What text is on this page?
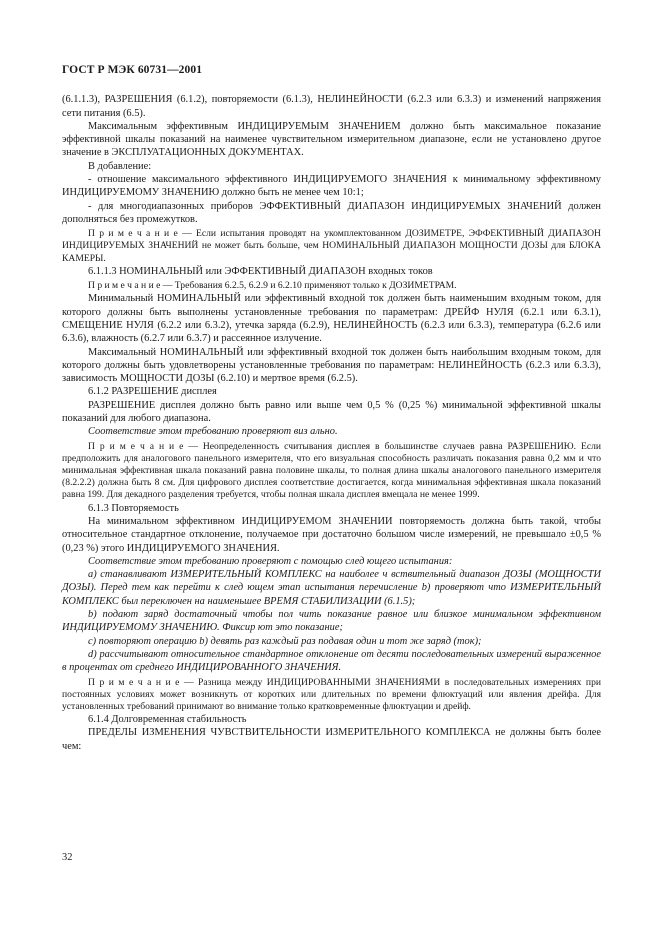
ГОСТ Р МЭК 60731—2001

(6.1.1.3), РАЗРЕШЕНИЯ (6.1.2), повторяемости (6.1.3), НЕЛИНЕЙНОСТИ (6.2.3 или 6.3.3) и изменений напряжения сети питания (6.5).

Максимальным эффективным ИНДИЦИРУЕМЫМ ЗНАЧЕНИЕМ должно быть максимальное показание эффективной шкалы показаний на наименее чувствительном измерительном диапазоне, если не установлено другое значение в ЭКСПЛУАТАЦИОННЫХ ДОКУМЕНТАХ.

В добавление:

- отношение максимального эффективного ИНДИЦИРУЕМОГО ЗНАЧЕНИЯ к минимальному эффективному ИНДИЦИРУЕМОМУ ЗНАЧЕНИЮ должно быть не менее чем 10:1;

- для многодиапазонных приборов ЭФФЕКТИВНЫЙ ДИАПАЗОН ИНДИЦИРУЕМЫХ ЗНАЧЕНИЙ должен дополняться без промежутков.

П р и м е ч а н и е — Если испытания проводят на укомплектованном ДОЗИМЕТРЕ, ЭФФЕКТИВНЫЙ ДИАПАЗОН ИНДИЦИРУЕМЫХ ЗНАЧЕНИЙ не может быть больше, чем НОМИНАЛЬНЫЙ ДИАПАЗОН МОЩНОСТИ ДОЗЫ для БЛОКА КАМЕРЫ.

6.1.1.3 НОМИНАЛЬНЫЙ или ЭФФЕКТИВНЫЙ ДИАПАЗОН входных токов

П р и м е ч а н и е — Требования 6.2.5, 6.2.9 и 6.2.10 применяют только к ДОЗИМЕТРАМ.

Минимальный НОМИНАЛЬНЫЙ или эффективный входной ток должен быть наименьшим входным током, для которого должны быть выполнены установленные требования по параметрам: ДРЕЙФ НУЛЯ (6.2.1 или 6.3.1), СМЕЩЕНИЕ НУЛЯ (6.2.2 или 6.3.2), утечка заряда (6.2.9), НЕЛИНЕЙНОСТЬ (6.2.3 или 6.3.3), температура (6.2.6 или 6.3.6), влажность (6.2.7 или 6.3.7) и рассеянное излучение.

Максимальный НОМИНАЛЬНЫЙ или эффективный входной ток должен быть наибольшим входным током, для которого должны быть удовлетворены установленные требования по параметрам: НЕЛИНЕЙНОСТЬ (6.2.3 или 6.3.3), зависимость МОЩНОСТИ ДОЗЫ (6.2.10) и мертвое время (6.2.5).

6.1.2 РАЗРЕШЕНИЕ дисплея

РАЗРЕШЕНИЕ дисплея должно быть равно или выше чем 0,5 % (0,25 %) минимальной эффективной шкалы показаний для любого диапазона.

Соответствие этом требованию проверяют виз ально.

П р и м е ч а н и е — Неопределенность считывания дисплея в большинстве случаев равна РАЗРЕШЕНИЮ. Если предположить для аналогового панельного измерителя, что его визуальная способность различать показания равна 0,2 мм и что минимальная эффективная шкала показаний равна половине шкалы, то полная длина шкалы аналогового панельного измерителя (8.2.2.2) должна быть 8 см. Для цифрового дисплея соответствие достигается, когда минимальная эффективная шкала показаний равна 199. Для декадного разделения требуется, чтобы полная шкала дисплея вмещала не менее 1999.

6.1.3 Повторяемость

На минимальном эффективном ИНДИЦИРУЕМОМ ЗНАЧЕНИИ повторяемость должна быть такой, чтобы относительное стандартное отклонение, получаемое при достаточно большом числе измерений, не превышало ±0,5 % (0,23 %) этого ИНДИЦИРУЕМОГО ЗНАЧЕНИЯ.

Соответствие этом требованию проверяют с помощью след ющего испытания:

а) станавливают ИЗМЕРИТЕЛЬНЫЙ КОМПЛЕКС на наиболее ч вствительный диапазон ДОЗЫ (МОЩНОСТИ ДОЗЫ). Перед тем как перейти к след ющем этап испытания перечисление b) проверяют что ИЗМЕРИТЕЛЬНЫЙ КОМПЛЕКС был переключен на наименьшее ВРЕМЯ СТАБИЛИЗАЦИИ (6.1.5);

b) подают заряд достаточный чтобы пол чить показание равное или близкое минимальном эффективном ИНДИЦИРУЕМОМУ ЗНАЧЕНИЮ. Фиксир ют это показание;

c) повторяют операцию b) девять раз каждый раз подавая один и тот же заряд (ток);

d) рассчитывают относительное стандартное отклонение от десяти последовательных измерений выраженное в процентах от среднего ИНДИЦИРОВАННОГО ЗНАЧЕНИЯ.

П р и м е ч а н и е — Разница между ИНДИЦИРОВАННЫМИ ЗНАЧЕНИЯМИ в последовательных измерениях при постоянных условиях может возникнуть от коротких или длительных по времени флюктуаций или явления дрейфа. Для установленных требований принимают во внимание только кратковременные флюктуации и дрейф.

6.1.4 Долговременная стабильность

ПРЕДЕЛЫ ИЗМЕНЕНИЯ ЧУВСТВИТЕЛЬНОСТИ ИЗМЕРИТЕЛЬНОГО КОМПЛЕКСА не должны быть более чем:

32
